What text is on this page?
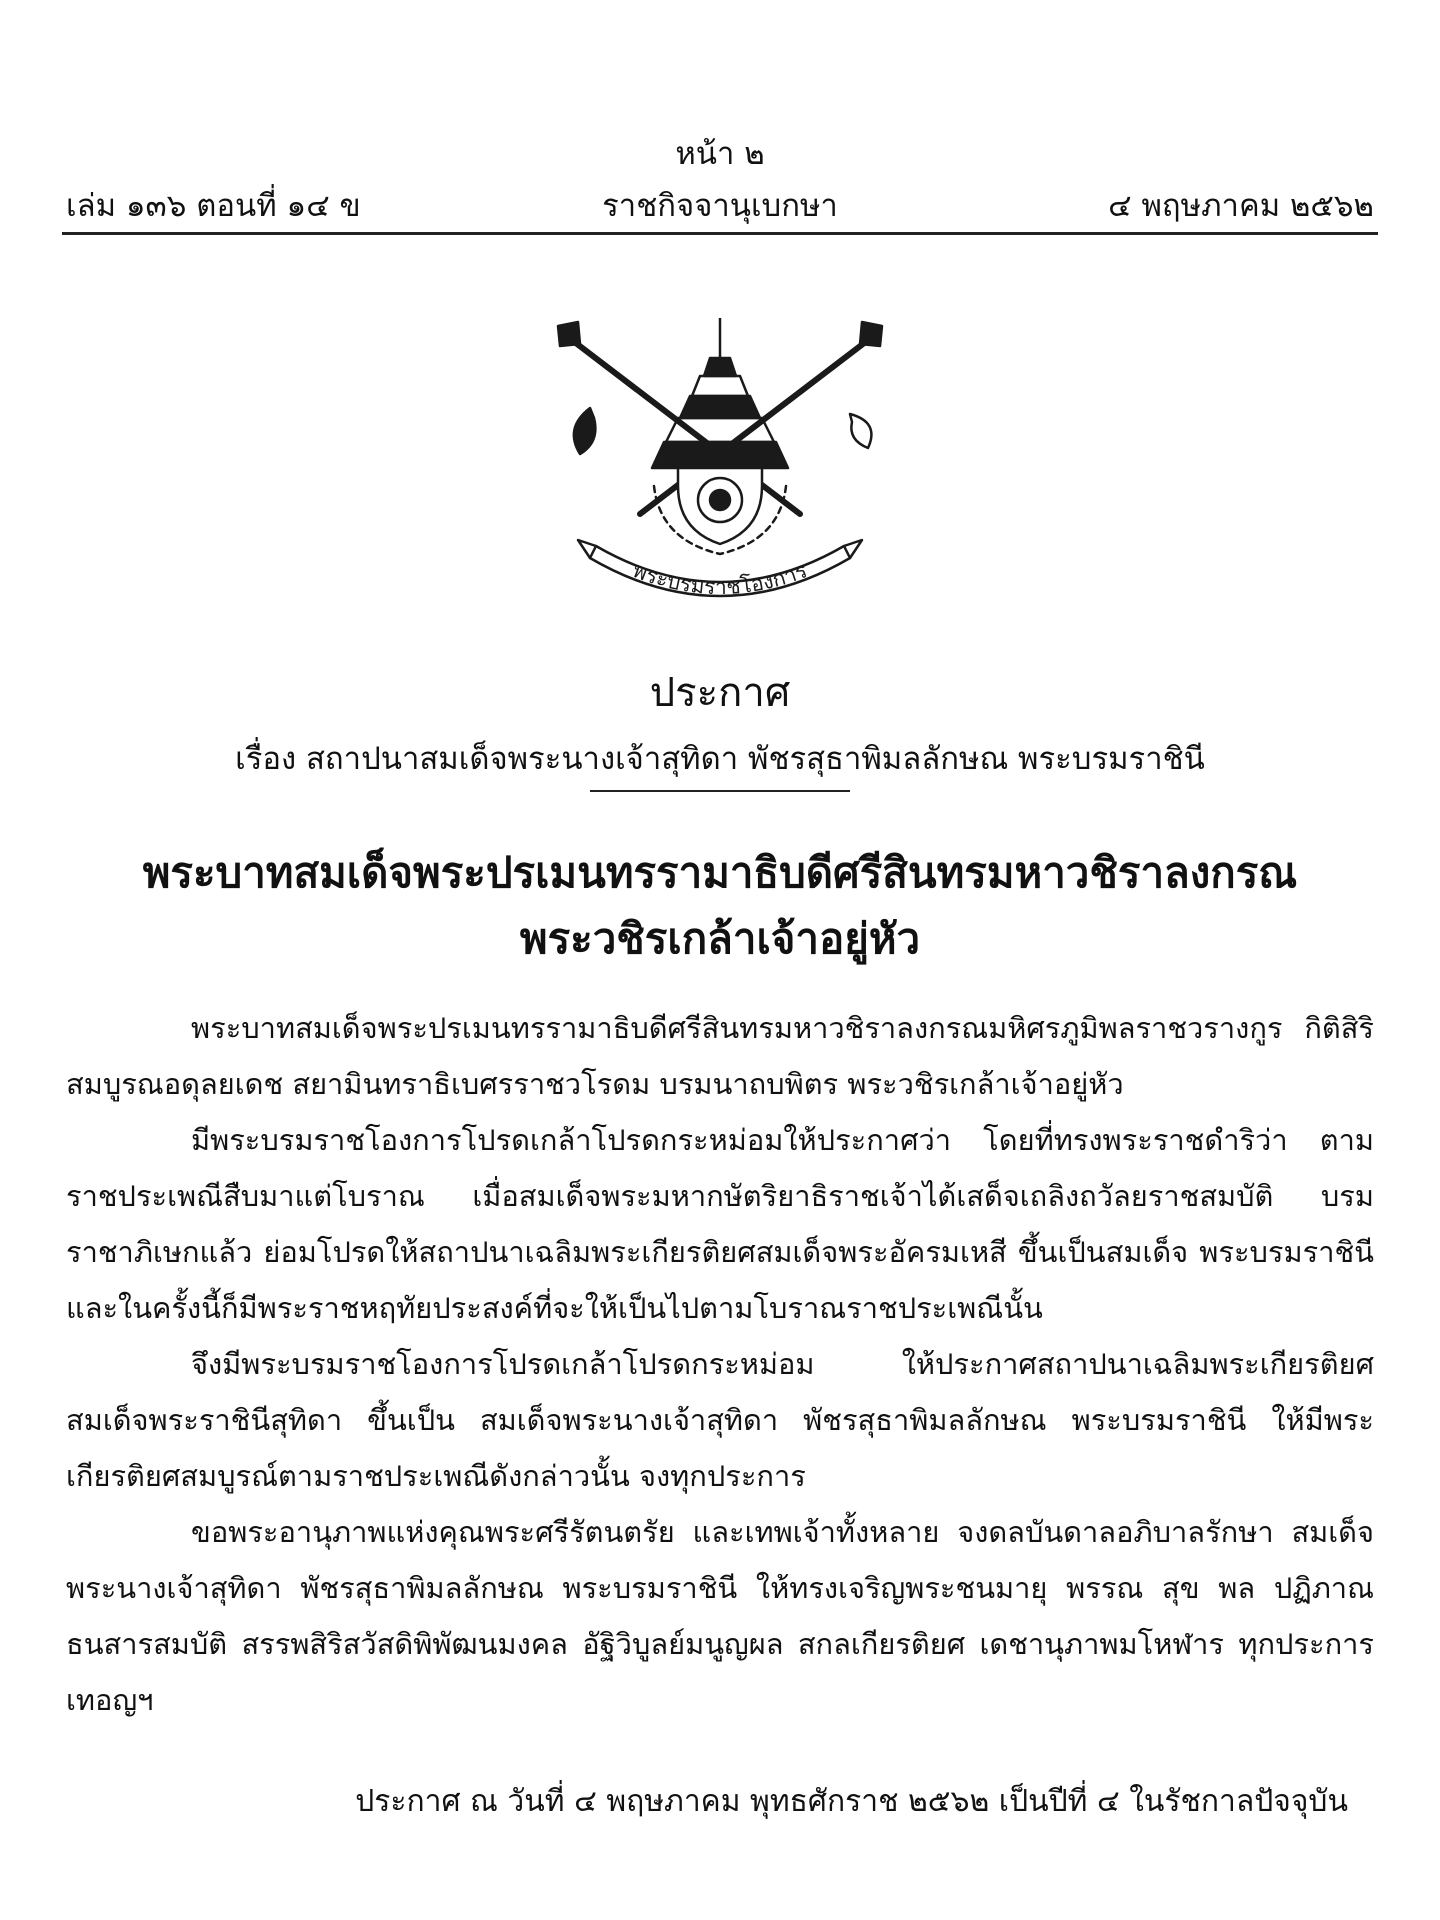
หน้า ๒
เล่ม ๑๓๖ ตอนที่ ๑๔ ข	ราชกิจจานุเบกษา	๔ พฤษภาคม ๒๕๖๒
พระบรมราชโองการ
ประกาศ
เรื่อง สถาปนาสมเด็จพระนางเจ้าสุทิดา พัชรสุธาพิมลลักษณ พระบรมราชินี
พระบาทสมเด็จพระปรเมนทรรามาธิบดีศรีสินทรมหาวชิราลงกรณ
พระวชิรเกล้าเจ้าอยู่หัว

พระบาทสมเด็จพระปรเมนทรรามาธิบดีศรีสินทรมหาวชิราลงกรณมหิศรภูมิพลราชวรางกูร กิติสิริสมบูรณอดุลยเดช สยามินทราธิเบศรราชวโรดม บรมนาถบพิตร พระวชิรเกล้าเจ้าอยู่หัว

มีพระบรมราชโองการโปรดเกล้าโปรดกระหม่อมให้ประกาศว่า โดยที่ทรงพระราชดำริว่า ตามราชประเพณีสืบมาแต่โบราณ เมื่อสมเด็จพระมหากษัตริยาธิราชเจ้าได้เสด็จเถลิงถวัลยราชสมบัติ บรมราชาภิเษกแล้ว ย่อมโปรดให้สถาปนาเฉลิมพระเกียรติยศสมเด็จพระอัครมเหสี ขึ้นเป็นสมเด็จ พระบรมราชินี และในครั้งนี้ก็มีพระราชหฤทัยประสงค์ที่จะให้เป็นไปตามโบราณราชประเพณีนั้น

จึงมีพระบรมราชโองการโปรดเกล้าโปรดกระหม่อม ให้ประกาศสถาปนาเฉลิมพระเกียรติยศ สมเด็จพระราชินีสุทิดา ขึ้นเป็น สมเด็จพระนางเจ้าสุทิดา พัชรสุธาพิมลลักษณ พระบรมราชินี ให้มีพระเกียรติยศสมบูรณ์ตามราชประเพณีดังกล่าวนั้น จงทุกประการ

ขอพระอานุภาพแห่งคุณพระศรีรัตนตรัย และเทพเจ้าทั้งหลาย จงดลบันดาลอภิบาลรักษา สมเด็จพระนางเจ้าสุทิดา พัชรสุธาพิมลลักษณ พระบรมราชินี ให้ทรงเจริญพระชนมายุ พรรณ สุข พล ปฏิภาณ ธนสารสมบัติ สรรพสิริสวัสดิพิพัฒนมงคล อัฐิวิบูลย์มนูญผล สกลเกียรติยศ เดชานุภาพมโหฬาร ทุกประการ เทอญฯ

ประกาศ ณ วันที่ ๔ พฤษภาคม พุทธศักราช ๒๕๖๒ เป็นปีที่ ๔ ในรัชกาลปัจจุบัน
